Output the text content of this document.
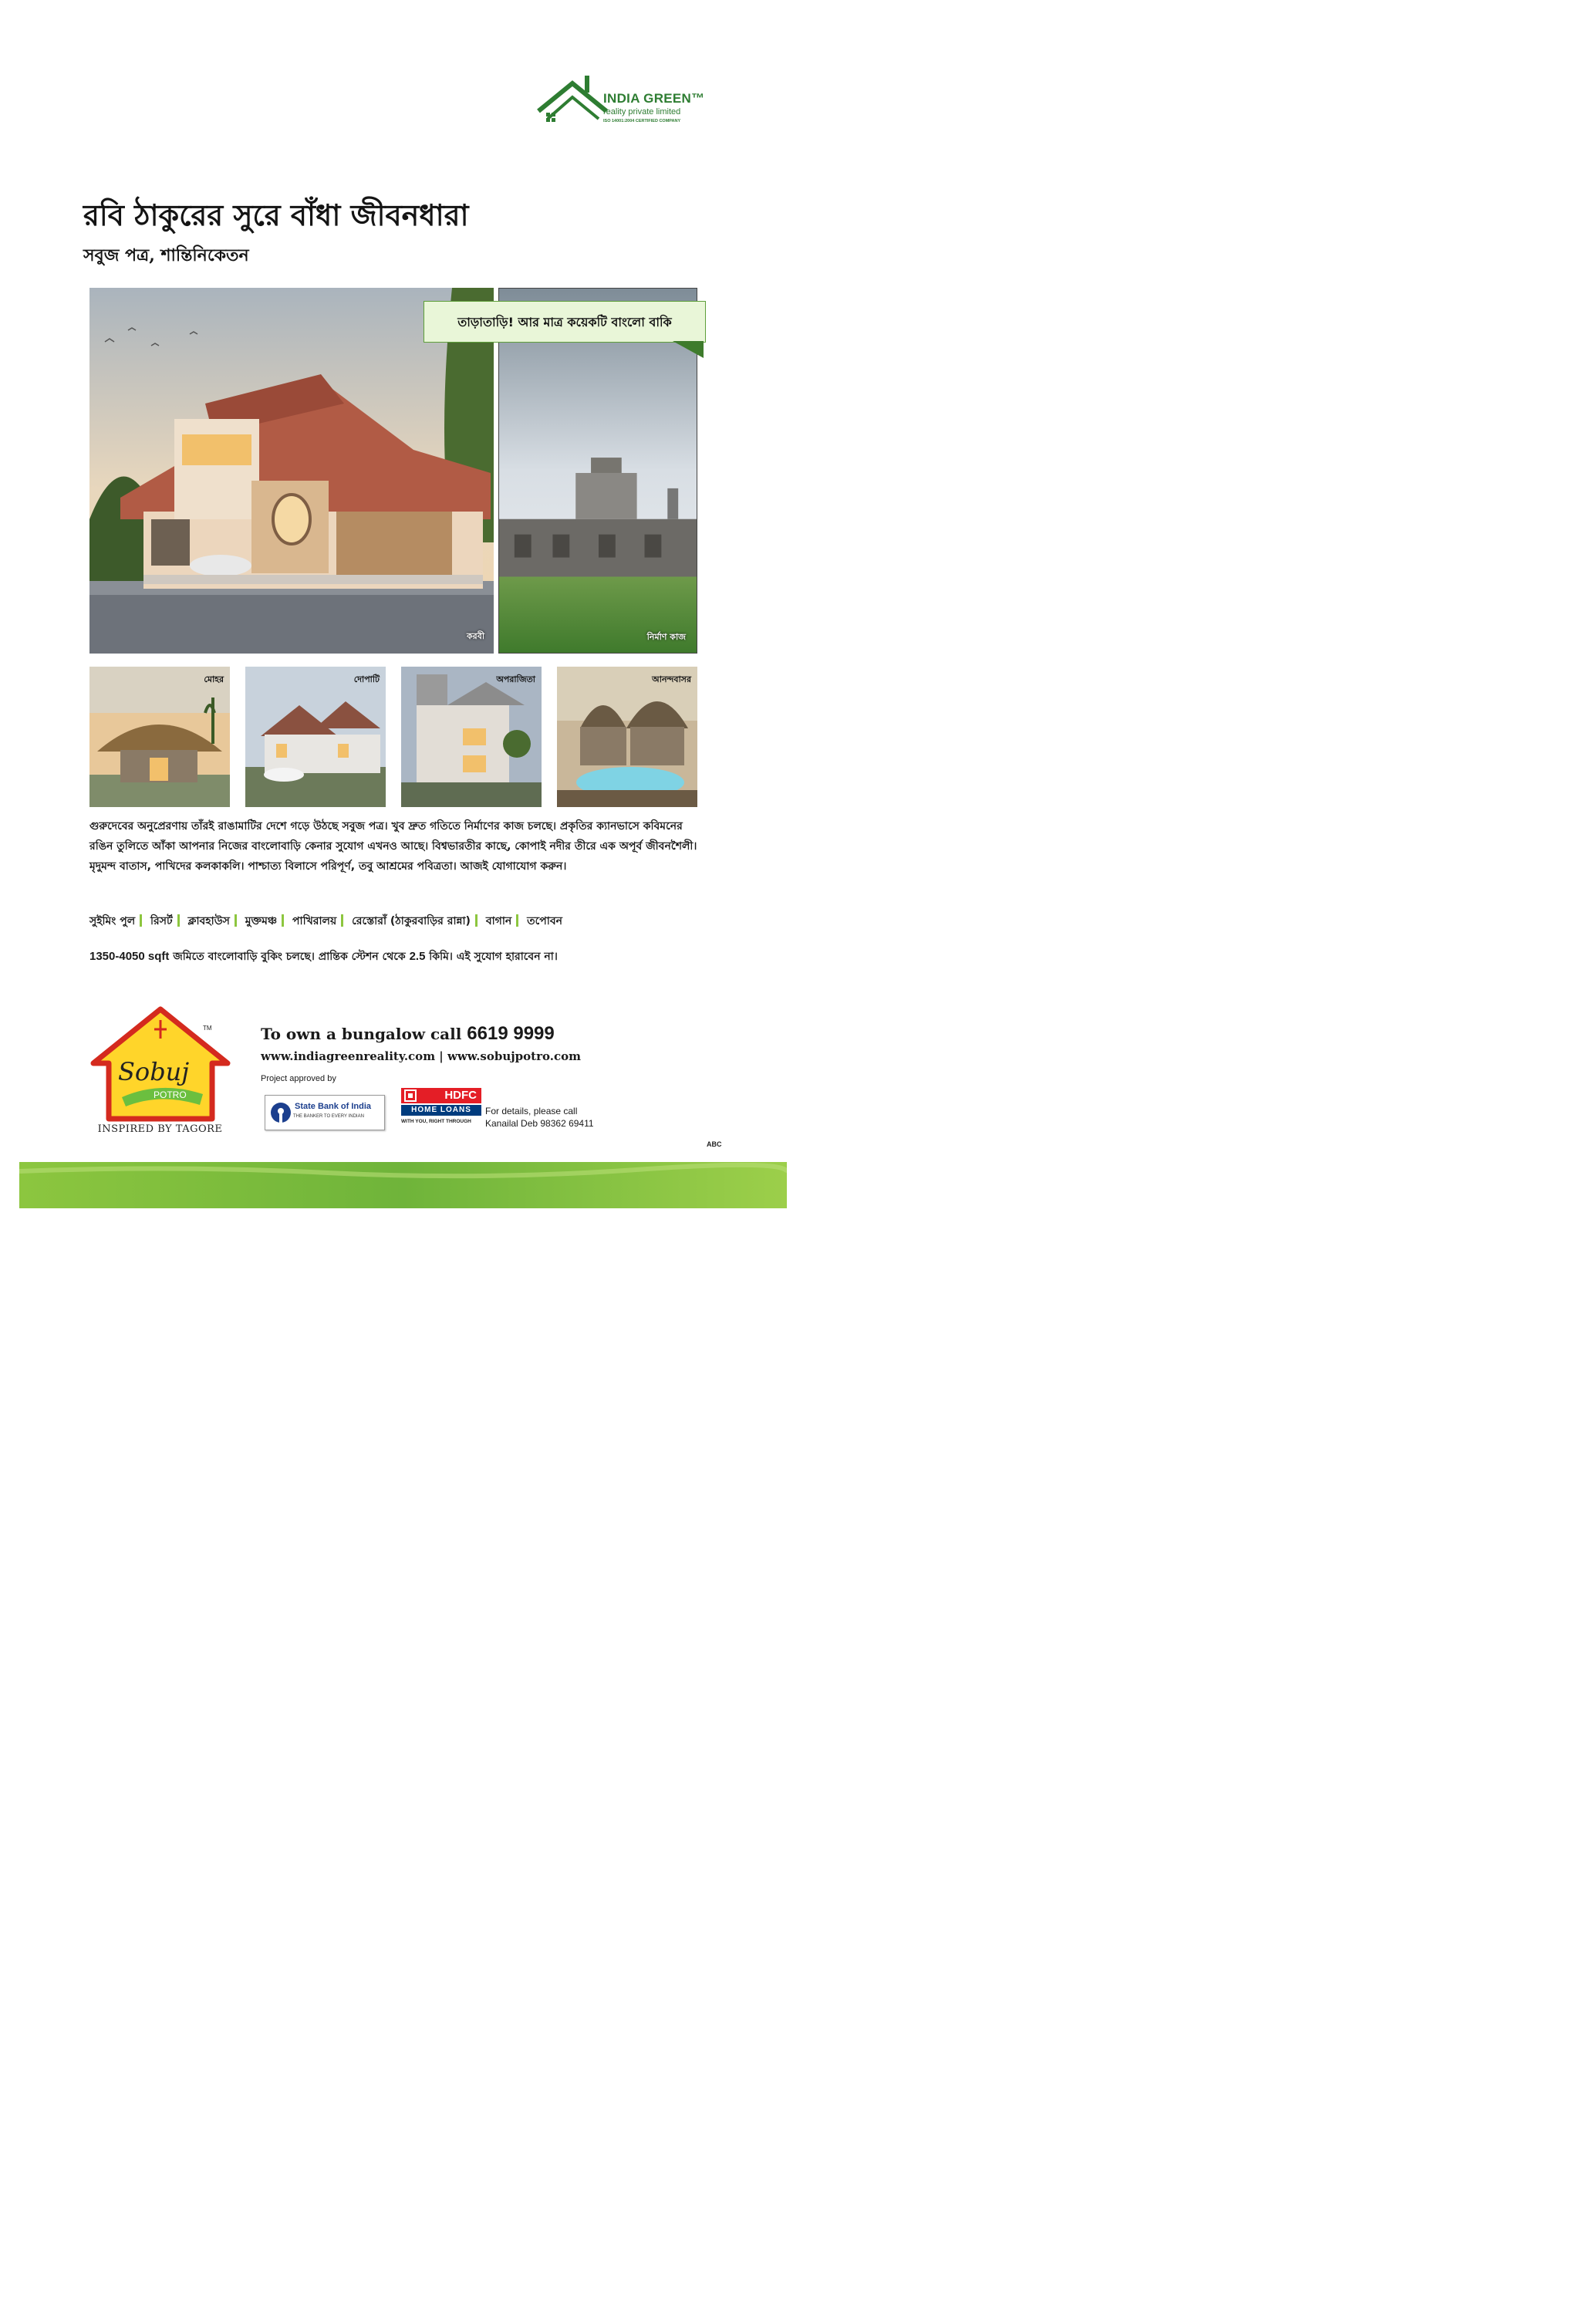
INDIA GREEN™
reality private limited
ISO 14001:2004 CERTIFIED COMPANY
রবি ঠাকুরের সুরে বাঁধা জীবনধারা
সবুজ পত্র, শান্তিনিকেতন
করবী	নির্মাণ কাজ
তাড়াতাড়ি! আর মাত্র কয়েকটি বাংলো বাকি
মোহর	দোপাটি	অপরাজিতা	আনন্দবাসর
গুরুদেবের অনুপ্রেরণায় তাঁরই রাঙামাটির দেশে গড়ে উঠছে সবুজ পত্র। খুব দ্রুত গতিতে নির্মাণের কাজ চলছে। প্রকৃতির ক্যানভাসে কবিমনের রঙিন তুলিতে আঁকা আপনার নিজের বাংলোবাড়ি কেনার সুযোগ এখনও আছে। বিশ্বভারতীর কাছে, কোপাই নদীর তীরে এক অপূর্ব জীবনশৈলী। মৃদুমন্দ বাতাস, পাখিদের কলকাকলি। পাশ্চাত্য বিলাসে পরিপূর্ণ, তবু আশ্রমের পবিত্রতা। আজই যোগাযোগ করুন।
সুইমিং পুল রিসর্ট ক্লাবহাউস মুক্তমঞ্চ পাখিরালয় রেস্তোরাঁ (ঠাকুরবাড়ির রান্না) বাগান তপোবন
1350-4050 sqft জমিতে বাংলোবাড়ি বুকিং চলছে। প্রান্তিক স্টেশন থেকে 2.5 কিমি। এই সুযোগ হারাবেন না।
Sobuj
POTRO
TM
INSPIRED BY TAGORE
To own a bungalow call 6619 9999
www.indiagreenreality.com | www.sobujpotro.com
Project approved by
State Bank of India
THE BANKER TO EVERY INDIAN
HDFC
HOME LOANS
WITH YOU, RIGHT THROUGH
For details, please call
Kanailal Deb 98362 69411
ABC
